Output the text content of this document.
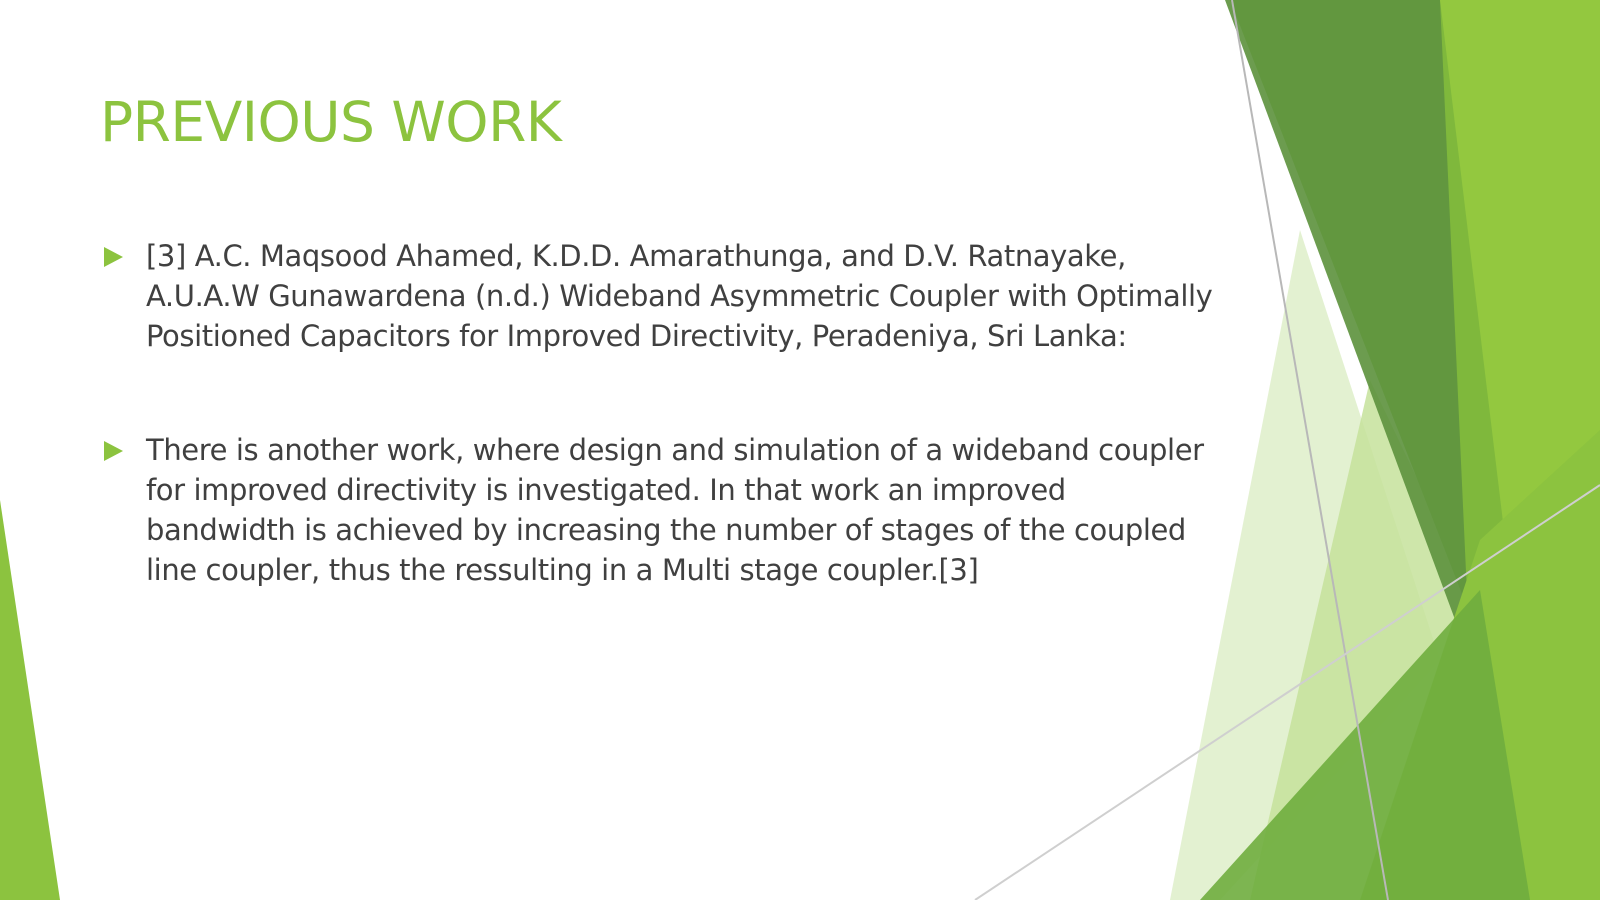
PREVIOUS WORK
[3] A.C. Maqsood Ahamed, K.D.D. Amarathunga, and D.V. Ratnayake, A.U.A.W Gunawardena (n.d.) Wideband Asymmetric Coupler with Optimally Positioned Capacitors for Improved Directivity, Peradeniya, Sri Lanka:
There is another work, where design and simulation of a wideband coupler for improved directivity is investigated. In that work an improved bandwidth is achieved by increasing the number of stages of the coupled line coupler, thus the ressulting in a Multi stage coupler.[3]
